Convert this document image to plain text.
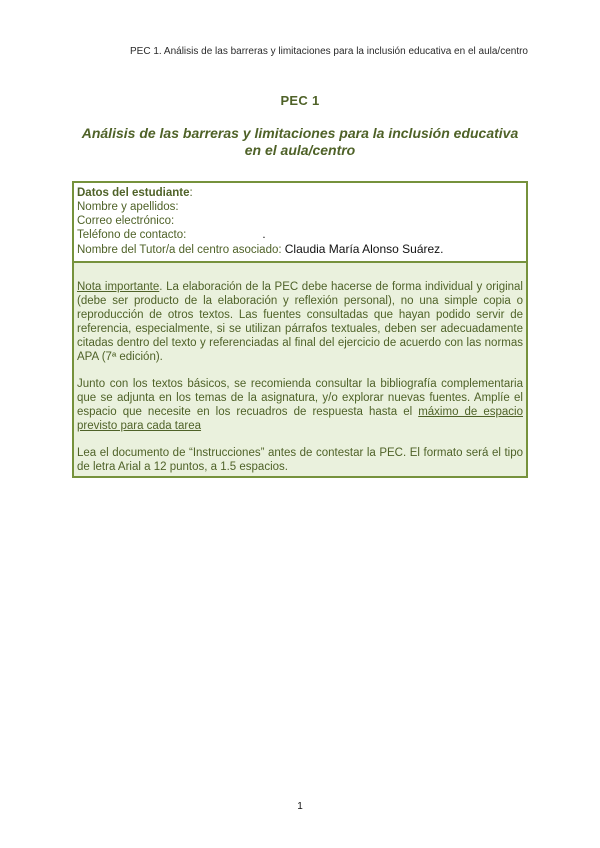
PEC 1. Análisis de las barreras y limitaciones para la inclusión educativa en el aula/centro
PEC 1
Análisis de las barreras y limitaciones para la inclusión educativa
en el aula/centro
Datos del estudiante:
Nombre y apellidos:
Correo electrónico:
Teléfono de contacto:	.
Nombre del Tutor/a del centro asociado: Claudia María Alonso Suárez.

Nota importante. La elaboración de la PEC debe hacerse de forma individual y original (debe ser producto de la elaboración y reflexión personal), no una simple copia o reproducción de otros textos. Las fuentes consultadas que hayan podido servir de referencia, especialmente, si se utilizan párrafos textuales, deben ser adecuadamente citadas dentro del texto y referenciadas al final del ejercicio de acuerdo con las normas APA (7ª edición).

Junto con los textos básicos, se recomienda consultar la bibliografía complementaria que se adjunta en los temas de la asignatura, y/o explorar nuevas fuentes. Amplíe el espacio que necesite en los recuadros de respuesta hasta el máximo de espacio previsto para cada tarea

Lea el documento de “Instrucciones” antes de contestar la PEC. El formato será el tipo de letra Arial a 12 puntos, a 1.5 espacios.

1
